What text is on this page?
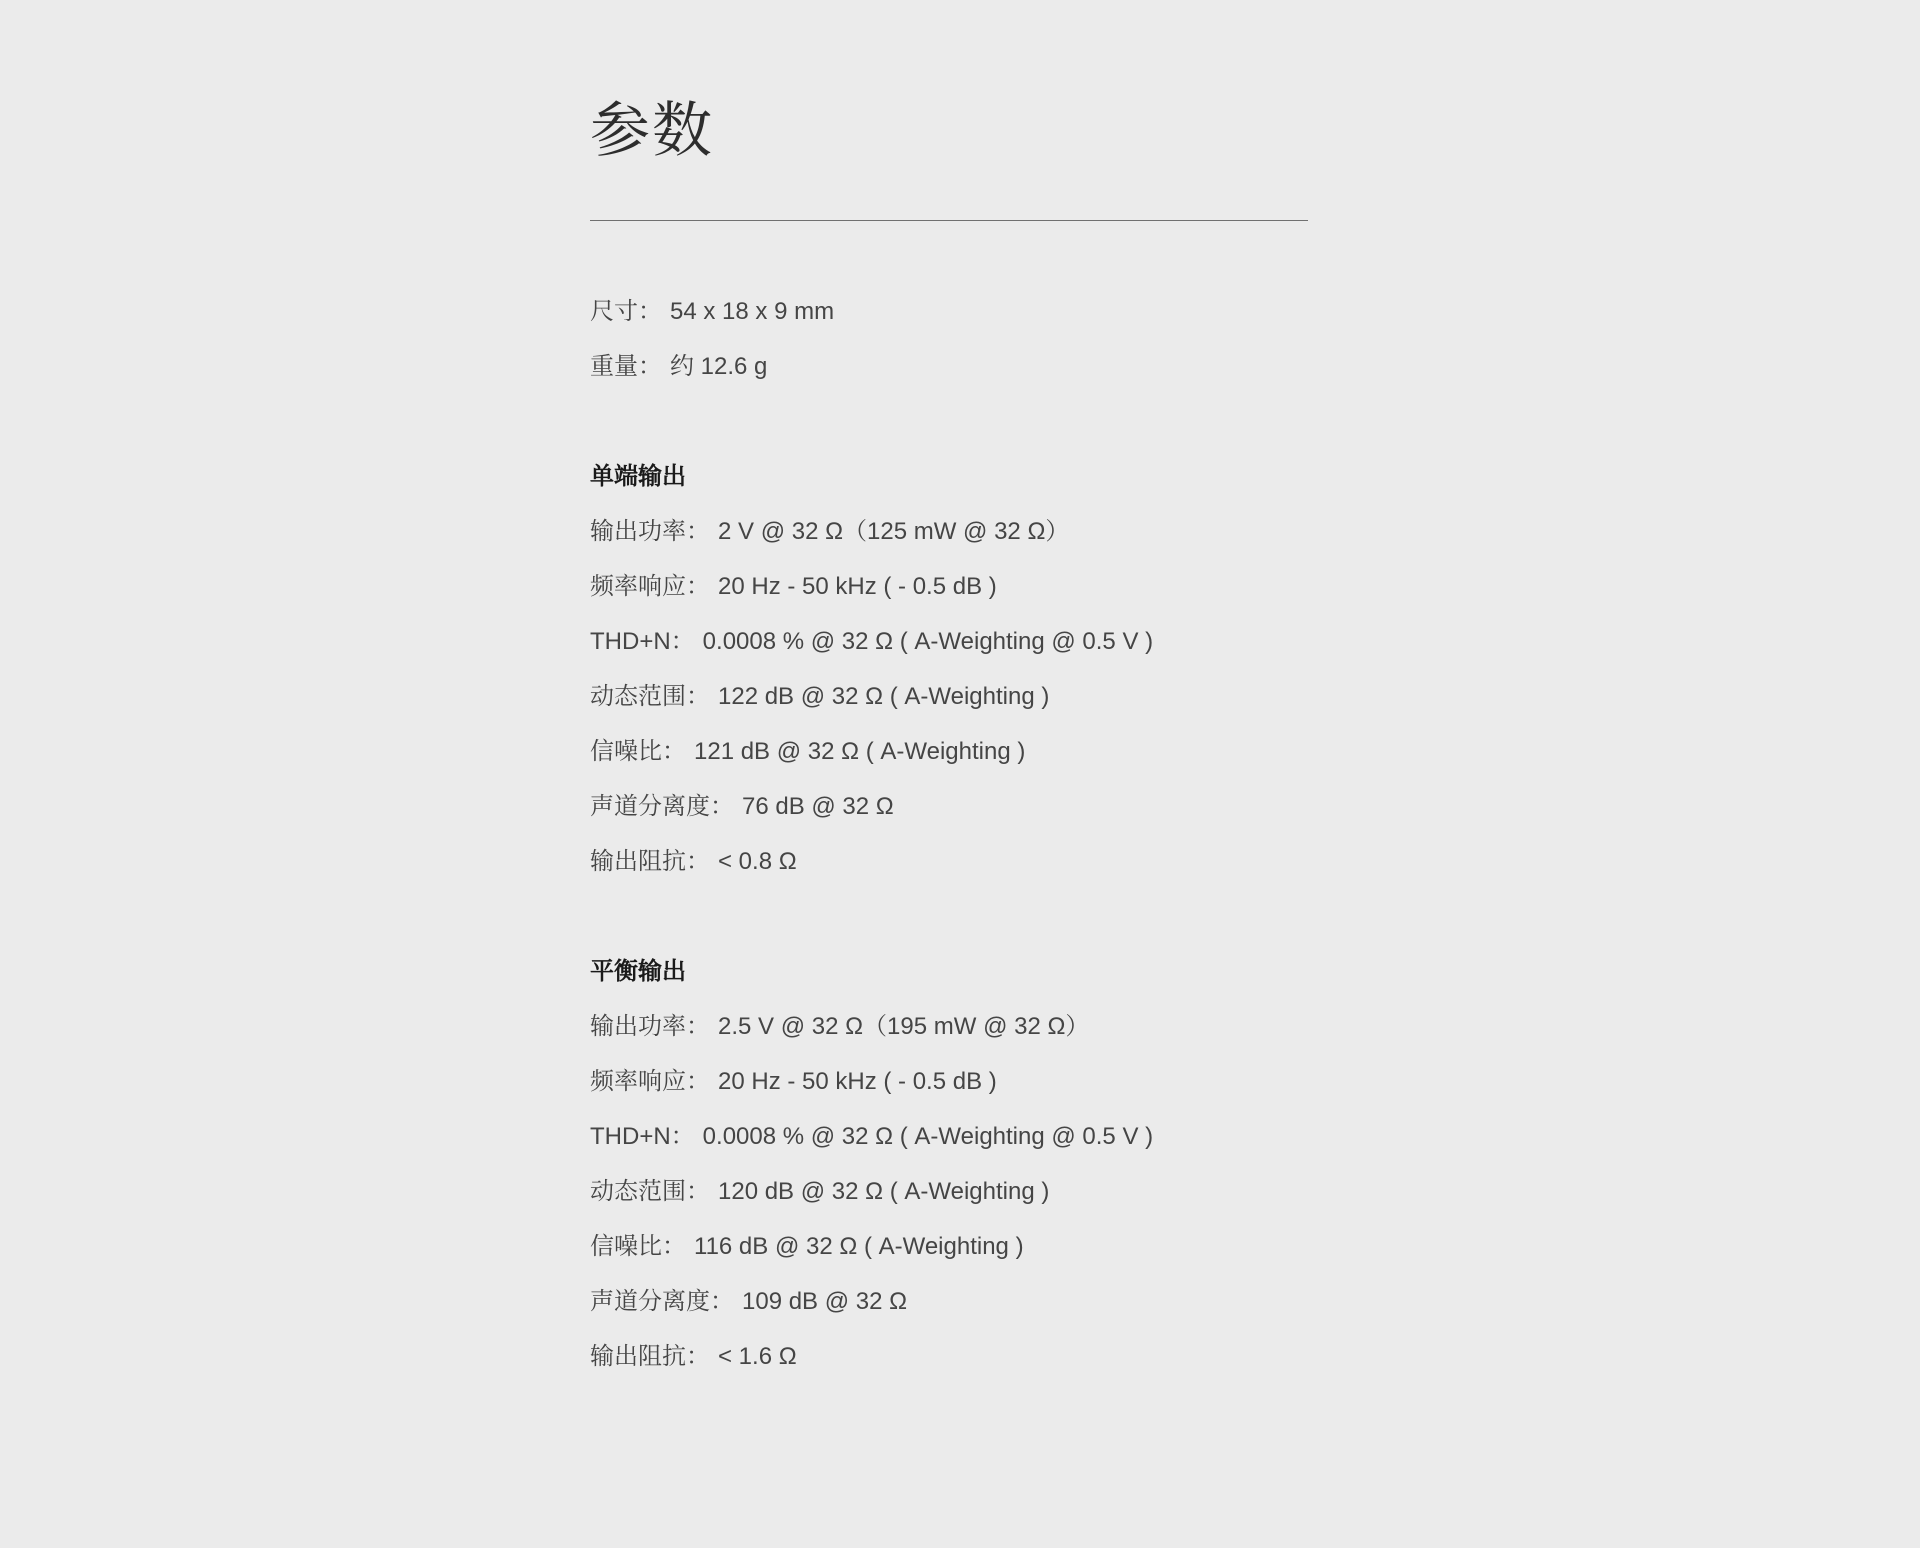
参数
尺寸： 54 x 18 x 9 mm
重量： 约 12.6 g
单端输出
输出功率： 2 V @ 32 Ω（125 mW @ 32 Ω）
频率响应： 20 Hz - 50 kHz ( - 0.5 dB )
THD+N： 0.0008 % @ 32 Ω ( A-Weighting @ 0.5 V )
动态范围： 122 dB @ 32 Ω ( A-Weighting )
信噪比： 121 dB @ 32 Ω ( A-Weighting )
声道分离度： 76 dB @ 32 Ω
输出阻抗： < 0.8 Ω
平衡输出
输出功率： 2.5 V @ 32 Ω（195 mW @ 32 Ω）
频率响应： 20 Hz - 50 kHz ( - 0.5 dB )
THD+N： 0.0008 % @ 32 Ω ( A-Weighting @ 0.5 V )
动态范围： 120 dB @ 32 Ω ( A-Weighting )
信噪比： 116 dB @ 32 Ω ( A-Weighting )
声道分离度： 109 dB @ 32 Ω
输出阻抗： < 1.6 Ω
